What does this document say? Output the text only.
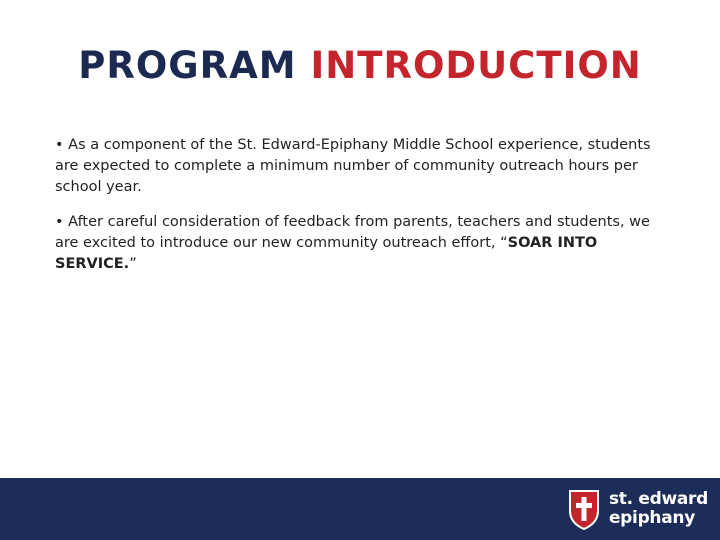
PROGRAM INTRODUCTION

• As a component of the St. Edward-Epiphany Middle School experience, students are expected to complete a minimum number of community outreach hours per school year.

• After careful consideration of feedback from parents, teachers and students, we are excited to introduce our new community outreach effort, “SOAR INTO SERVICE.”

st. edward
epiphany
